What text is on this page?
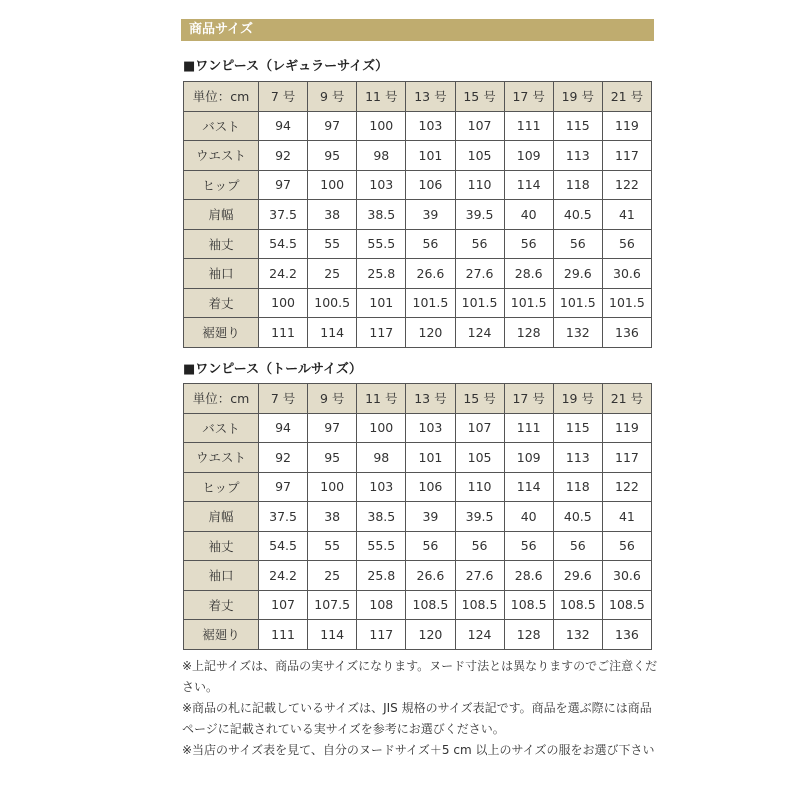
商品サイズ
■ワンピース（レギュラーサイズ）
単位：cm	7 号	9 号	11 号	13 号	15 号	17 号	19 号	21 号
バスト	94	97	100	103	107	111	115	119
ウエスト	92	95	98	101	105	109	113	117
ヒップ	97	100	103	106	110	114	118	122
肩幅	37.5	38	38.5	39	39.5	40	40.5	41
袖丈	54.5	55	55.5	56	56	56	56	56
袖口	24.2	25	25.8	26.6	27.6	28.6	29.6	30.6
着丈	100	100.5	101	101.5	101.5	101.5	101.5	101.5
裾廻り	111	114	117	120	124	128	132	136
■ワンピース（トールサイズ）
単位：cm	7 号	9 号	11 号	13 号	15 号	17 号	19 号	21 号
バスト	94	97	100	103	107	111	115	119
ウエスト	92	95	98	101	105	109	113	117
ヒップ	97	100	103	106	110	114	118	122
肩幅	37.5	38	38.5	39	39.5	40	40.5	41
袖丈	54.5	55	55.5	56	56	56	56	56
袖口	24.2	25	25.8	26.6	27.6	28.6	29.6	30.6
着丈	107	107.5	108	108.5	108.5	108.5	108.5	108.5
裾廻り	111	114	117	120	124	128	132	136

※上記サイズは、商品の実サイズになります。ヌード寸法とは異なりますのでご注意ください。

※商品の札に記載しているサイズは、JIS 規格のサイズ表記です。商品を選ぶ際には商品ページに記載されている実サイズを参考にお選びください。

※当店のサイズ表を見て、自分のヌードサイズ＋5 cm 以上のサイズの服をお選び下さい
